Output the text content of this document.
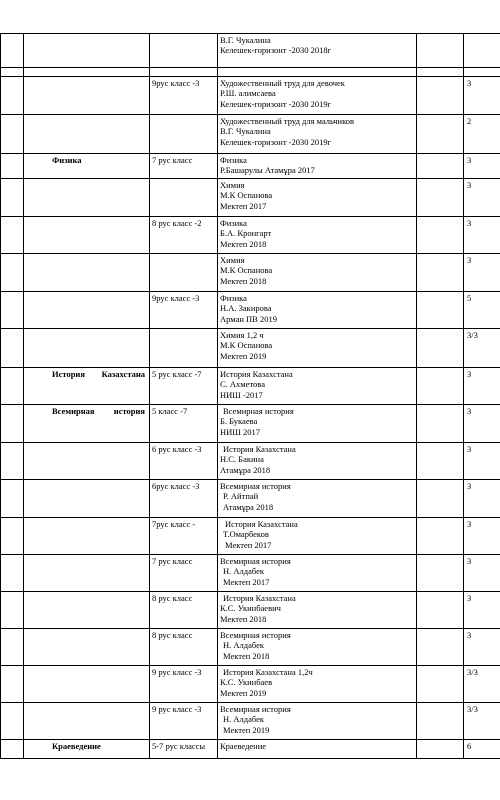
			В.Г. Чукалина
Келешек-горизонт -2030 2018г		

		9рус класс -3	Художественный труд для девочек
Р.Ш. алимсаева
Келешек-горизонт -2030 2019г		3

			Художественный труд для мальчиков
В.Г. Чукалина
Келешек-горизонт -2030 2019г		2

	Физика	7 рус класс	Физика
Р.Башарулы Атамұра 2017		3

			Химия
М.К Оспанова
Мектеп 2017		3

		8 рус класс -2	Физика
Б.А. Кронгарт
Мектеп 2018		3

			Химия
М.К Оспанова
Мектеп 2018		3

		9рус класс -3	Физика
Н.А. Закирова
Арман ПВ 2019		5

			Химия 1,2 ч
М.К Оспанова
Мектеп 2019		3/3

	История Казахстана	5 рус класс -7	История Казахстана
С. Ахметова
НИШ -2017		3

	Всемирная история	5 класс -7	Всемирная история
Б. Букаева
НИШ 2017		3

		6 рус класс -3	История Казахстана
Н.С. Бакина
Атамұра 2018		3

		6рус класс -3	Всемирная история
Р. Айтпай
Атамұра 2018		3

		7рус класс -	История Казахстана
Т.Омарбеков
Мектеп 2017		3

		7 рус класс	Всемирная история
Н. Алдабек
Мектеп 2017		3

		8 рус класс	История Казахстана
К.С. Укинбаевич
Мектеп 2018		3

		8 рус класс	Всемирная история
Н. Алдабек
Мектеп 2018		3

		9 рус класс -3	История Казахстана 1,2ч
К.С. Укинбаев
Мектеп 2019		3/3

		9 рус класс -3	Всемирная история
Н. Алдабек
Мектеп 2019		3/3

	Краеведение	5-7 рус классы	Краеведение		6
